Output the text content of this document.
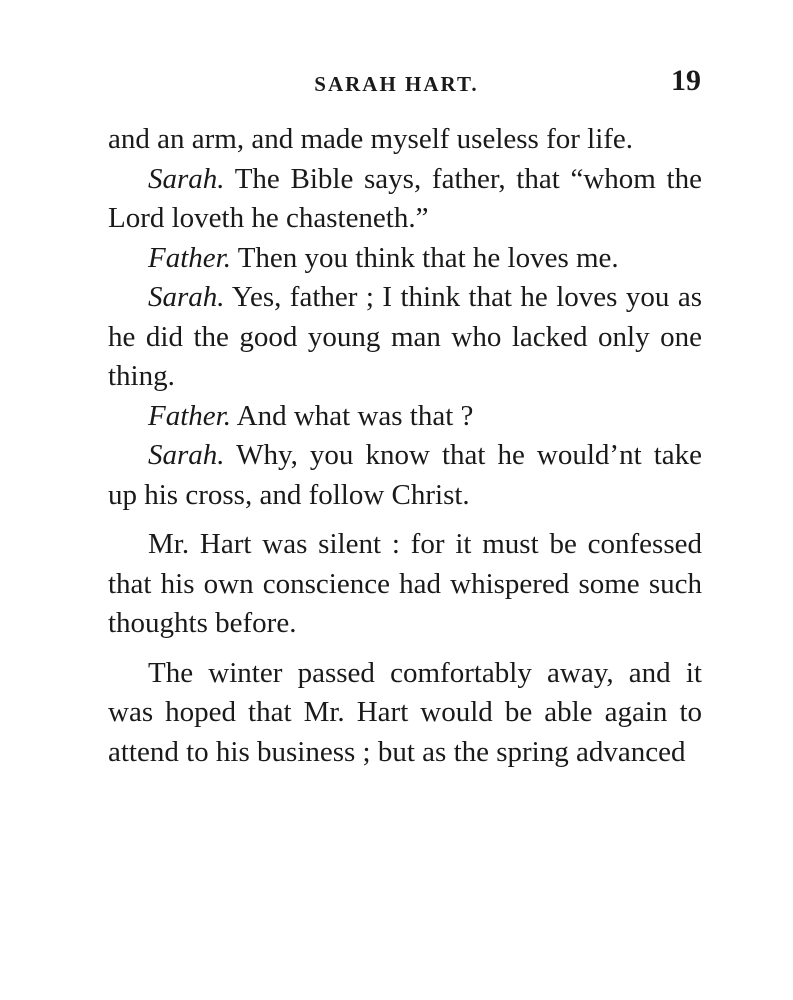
SARAH HART.	19

and an arm, and made myself useless for life.

Sarah. The Bible says, father, that “whom the Lord loveth he chasteneth.”

Father. Then you think that he loves me.

Sarah. Yes, father ; I think that he loves you as he did the good young man who lacked only one thing.

Father. And what was that ?

Sarah. Why, you know that he would’nt take up his cross, and follow Christ.

Mr. Hart was silent : for it must be confessed that his own conscience had whispered some such thoughts before.

The winter passed comfortably away, and it was hoped that Mr. Hart would be able again to attend to his business ; but as the spring advanced
